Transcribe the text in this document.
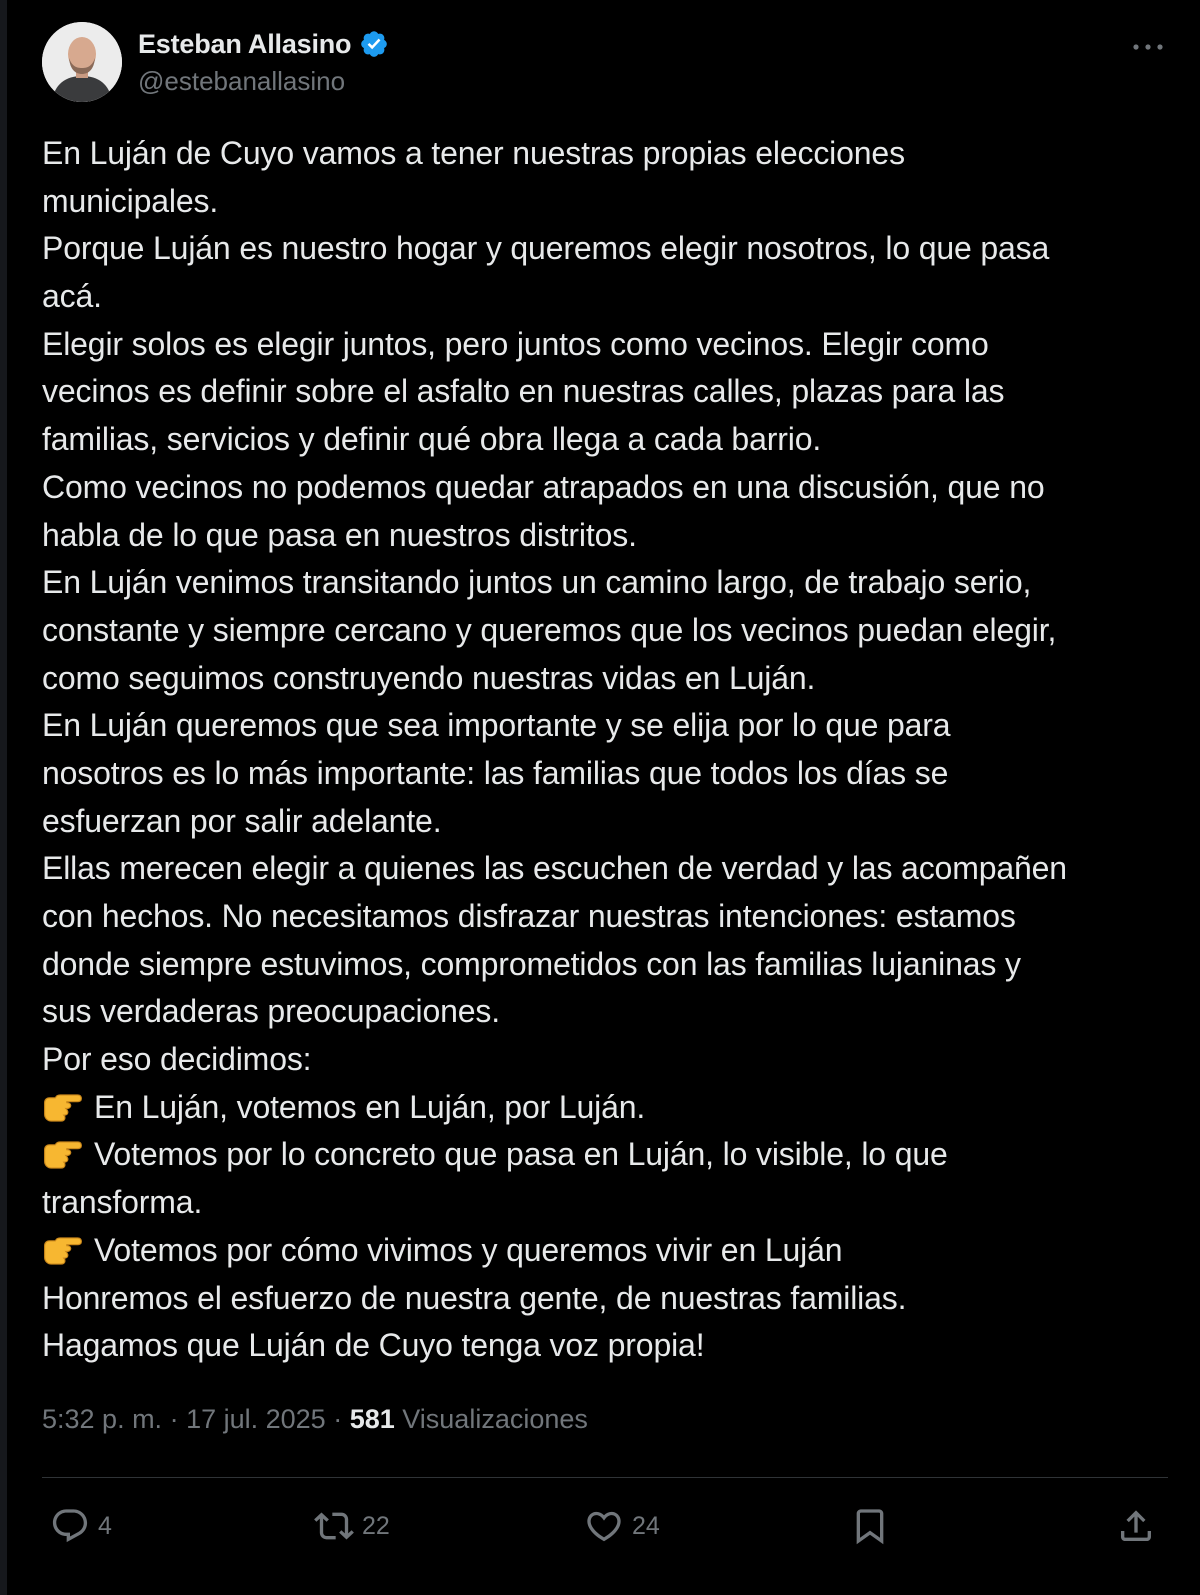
Esteban Allasino
@estebanallasino
En Luján de Cuyo vamos a tener nuestras propias elecciones
municipales.
Porque Luján es nuestro hogar y queremos elegir nosotros, lo que pasa
acá.
Elegir solos es elegir juntos, pero juntos como vecinos. Elegir como
vecinos es definir sobre el asfalto en nuestras calles, plazas para las
familias, servicios y definir qué obra llega a cada barrio.
Como vecinos no podemos quedar atrapados en una discusión, que no
habla de lo que pasa en nuestros distritos.
En Luján venimos transitando juntos un camino largo, de trabajo serio,
constante y siempre cercano y queremos que los vecinos puedan elegir,
como seguimos construyendo nuestras vidas en Luján.
En Luján queremos que sea importante y se elija por lo que para
nosotros es lo más importante: las familias que todos los días se
esfuerzan por salir adelante.
Ellas merecen elegir a quienes las escuchen de verdad y las acompañen
con hechos. No necesitamos disfrazar nuestras intenciones: estamos
donde siempre estuvimos, comprometidos con las familias lujaninas y
sus verdaderas preocupaciones.
Por eso decidimos:
En Luján, votemos en Luján, por Luján.
Votemos por lo concreto que pasa en Luján, lo visible, lo que
transforma.
Votemos por cómo vivimos y queremos vivir en Luján
Honremos el esfuerzo de nuestra gente, de nuestras familias.
Hagamos que Luján de Cuyo tenga voz propia!
5:32 p. m. · 17 jul. 2025 · 581 Visualizaciones
4	22	24
